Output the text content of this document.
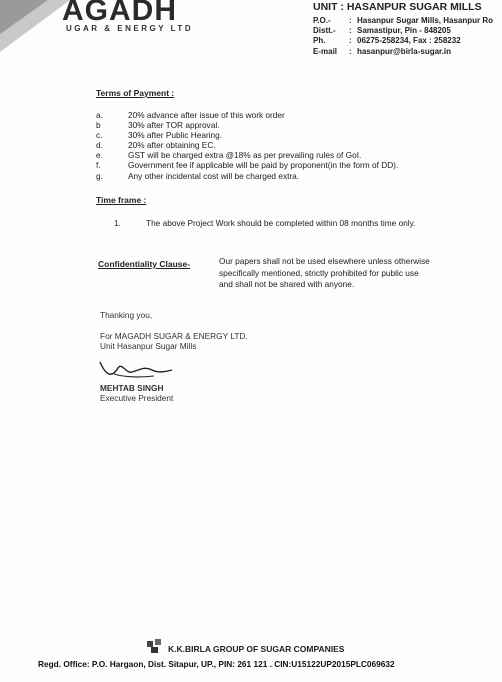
AGADH
UGAR & ENERGY LTD
UNIT : HASANPUR SUGAR MILLS
P.O.- : Hasanpur Sugar Mills, Hasanpur Ro
Distt.- : Samastipur, Pin - 848205
Ph.	: 06275-258234, Fax : 258232
E-mail : hasanpur@birla-sugar.in
Terms of Payment :
a.	20% advance after issue of this work order
b	30% after TOR approval.
c.	30% after Public Hearing.
d.	20% after obtaining EC.
e.	GST will be charged extra @18% as per prevailing rules of GoI.
f.	Government fee if applicable will be paid by proponent(in the form of DD).
g.	Any other incidental cost will be charged extra.
Time frame :
1.	The above Project Work should be completed within 08 months time only.
Confidentiality Clause-	Our papers shall not be used elsewhere unless otherwise
specifically mentioned, strictly prohibited for public use
and shall not be shared with anyone.
Thanking you,
For MAGADH SUGAR & ENERGY LTD.
Unit Hasanpur Sugar Mills
MEHTAB SINGH
Executive President
K.K.BIRLA GROUP OF SUGAR COMPANIES
Regd. Office: P.O. Hargaon, Dist. Sitapur, UP., PIN: 261 121 . CIN:U15122UP2015PLC069632
